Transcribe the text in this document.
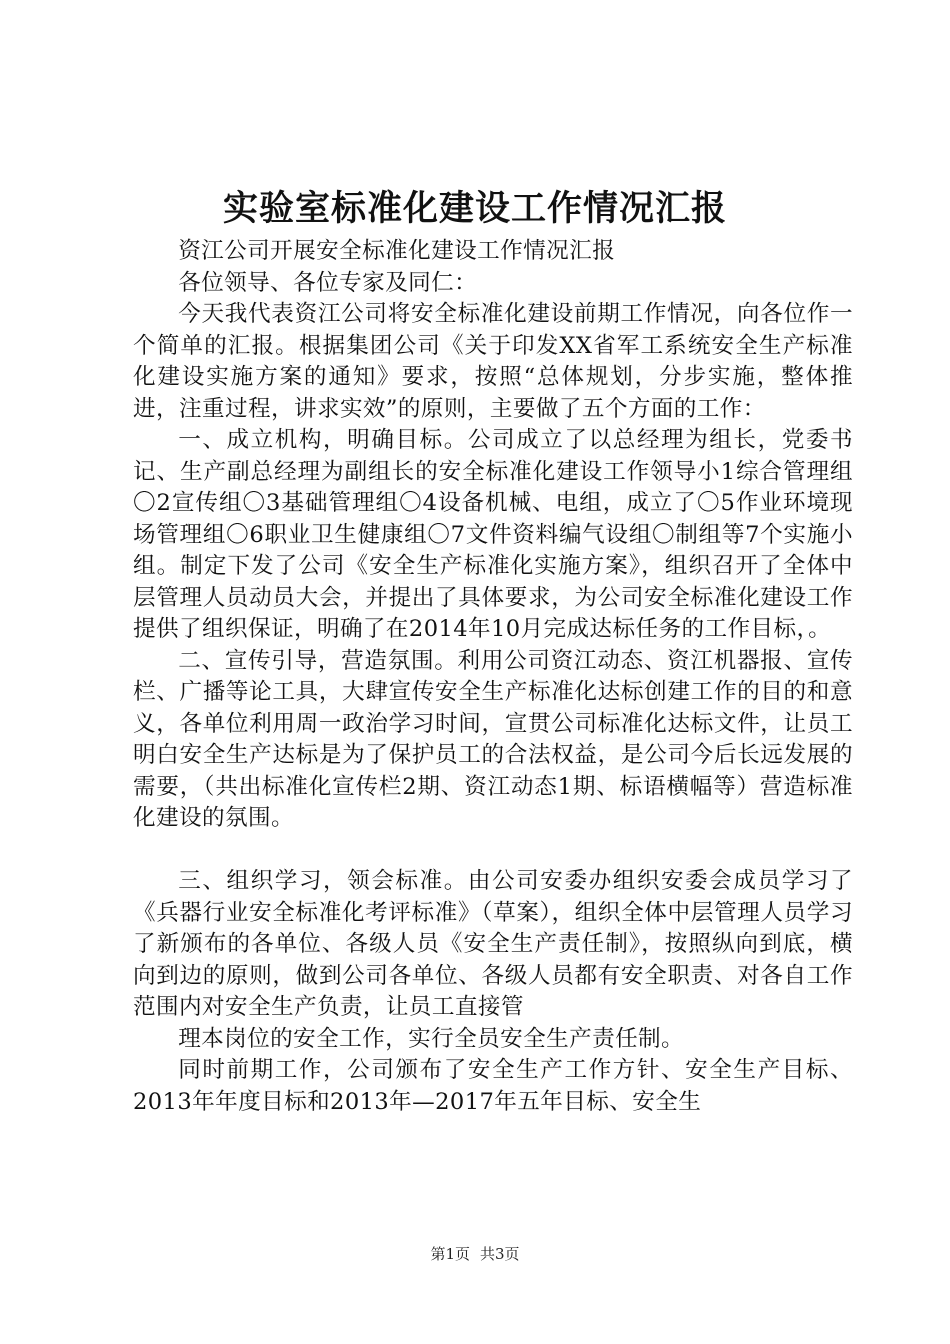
实验室标准化建设工作情况汇报

资江公司开展安全标准化建设工作情况汇报

各位领导、各位专家及同仁：

今天我代表资江公司将安全标准化建设前期工作情况，向各位作一个简单的汇报。根据集团公司《关于印发XX省军工系统安全生产标准化建设实施方案的通知》要求，按照“总体规划，分步实施，整体推进，注重过程，讲求实效”的原则，主要做了五个方面的工作：

一、成立机构，明确目标。公司成立了以总经理为组长，党委书记、生产副总经理为副组长的安全标准化建设工作领导小1综合管理组〇2宣传组〇3基础管理组〇4设备机械、电组，成立了〇5作业环境现场管理组〇6职业卫生健康组〇7文件资料编气设组〇制组等7个实施小组。制定下发了公司《安全生产标准化实施方案》，组织召开了全体中层管理人员动员大会，并提出了具体要求，为公司安全标准化建设工作提供了组织保证，明确了在2014年10月完成达标任务的工作目标，。

二、宣传引导，营造氛围。利用公司资江动态、资江机器报、宣传栏、广播等论工具，大肆宣传安全生产标准化达标创建工作的目的和意义，各单位利用周一政治学习时间，宣贯公司标准化达标文件，让员工明白安全生产达标是为了保护员工的合法权益，是公司今后长远发展的需要，（共出标准化宣传栏2期、资江动态1期、标语横幅等）营造标准化建设的氛围。

三、组织学习，领会标准。由公司安委办组织安委会成员学习了《兵器行业安全标准化考评标准》（草案），组织全体中层管理人员学习了新颁布的各单位、各级人员《安全生产责任制》，按照纵向到底，横向到边的原则，做到公司各单位、各级人员都有安全职责、对各自工作范围内对安全生产负责，让员工直接管

理本岗位的安全工作，实行全员安全生产责任制。

同时前期工作，公司颁布了安全生产工作方针、安全生产目标、2013年年度目标和2013年—2017年五年目标、安全生

第1页 共3页
